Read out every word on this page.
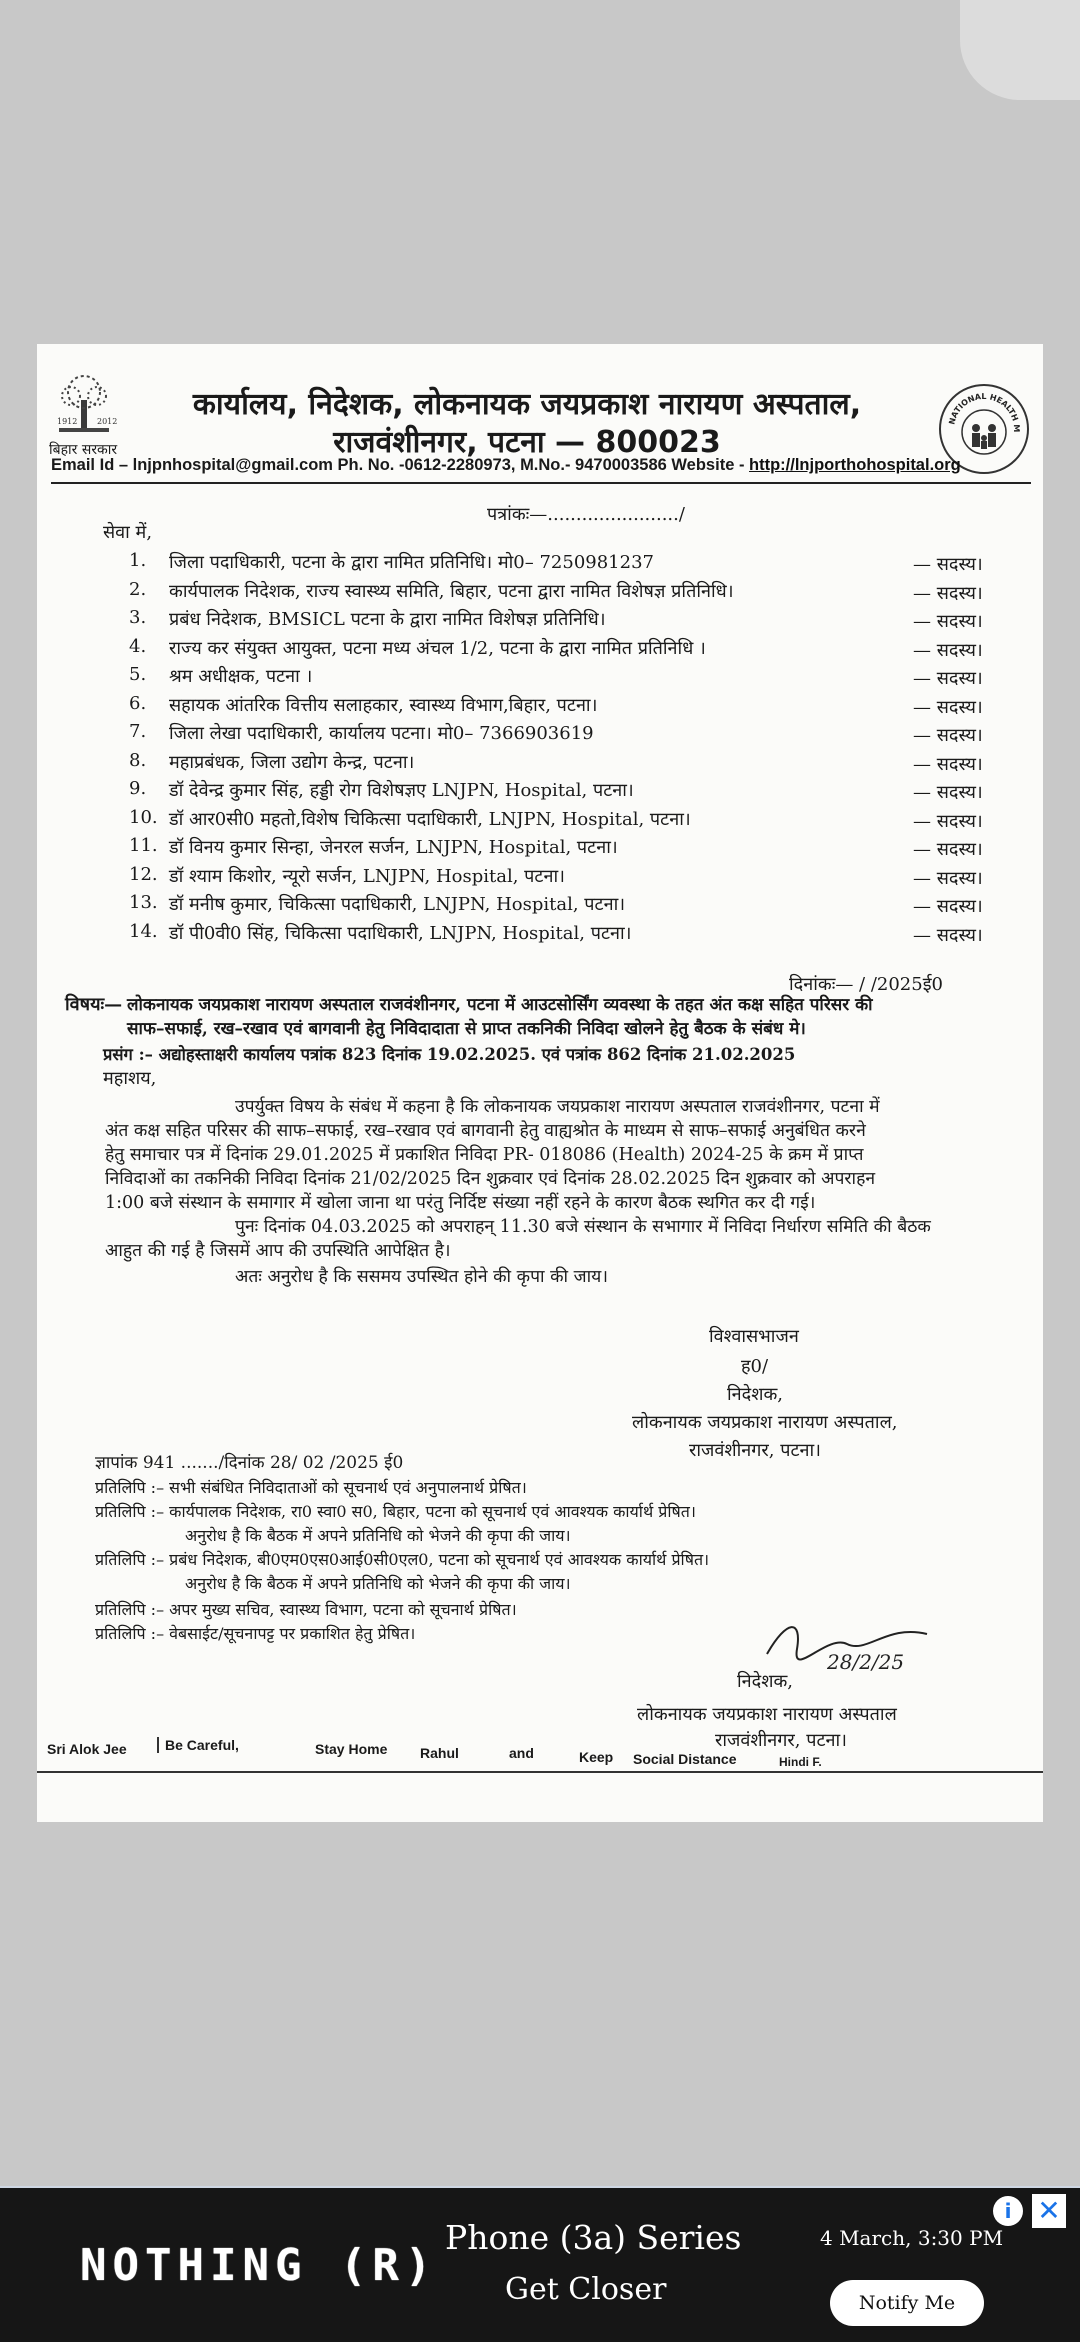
1912 2012
बिहार सरकार
NATIONAL HEALTH M
कार्यालय, निदेशक, लोकनायक जयप्रकाश नारायण अस्पताल,
राजवंशीनगर, पटना — 800023
Email Id – lnjpnhospital@gmail.com Ph. No. -0612-2280973, M.No.- 9470003586 Website - http://lnjporthohospital.org
पत्रांकः—......................./
सेवा में,
1. जिला पदाधिकारी, पटना के द्वारा नामित प्रतिनिधि। मो0– 7250981237	— सदस्य।
2. कार्यपालक निदेशक, राज्य स्वास्थ्य समिति, बिहार, पटना द्वारा नामित विशेषज्ञ प्रतिनिधि।	— सदस्य।
3. प्रबंध निदेशक, BMSICL पटना के द्वारा नामित विशेषज्ञ प्रतिनिधि।	— सदस्य।
4. राज्य कर संयुक्त आयुक्त, पटना मध्य अंचल 1/2, पटना के द्वारा नामित प्रतिनिधि ।	— सदस्य।
5. श्रम अधीक्षक, पटना ।	— सदस्य।
6. सहायक आंतरिक वित्तीय सलाहकार, स्वास्थ्य विभाग,बिहार, पटना।	— सदस्य।
7. जिला लेखा पदाधिकारी, कार्यालय पटना। मो0– 7366903619	— सदस्य।
8. महाप्रबंधक, जिला उद्योग केन्द्र, पटना।	— सदस्य।
9. डॉ देवेन्द्र कुमार सिंह, हड्डी रोग विशेषज्ञए LNJPN, Hospital, पटना।	— सदस्य।
10. डॉ आर0सी0 महतो,विशेष चिकित्सा पदाधिकारी, LNJPN, Hospital, पटना।	— सदस्य।
11. डॉ विनय कुमार सिन्हा, जेनरल सर्जन, LNJPN, Hospital, पटना।	— सदस्य।
12. डॉ श्याम किशोर, न्यूरो सर्जन, LNJPN, Hospital, पटना।	— सदस्य।
13. डॉ मनीष कुमार, चिकित्सा पदाधिकारी, LNJPN, Hospital, पटना।	— सदस्य।
14. डॉ पी0वी0 सिंह, चिकित्सा पदाधिकारी, LNJPN, Hospital, पटना।	— सदस्य।
दिनांकः— / /2025ई0
विषयः— लोकनायक जयप्रकाश नारायण अस्पताल राजवंशीनगर, पटना में आउटसोर्सिंग व्यवस्था के तहत अंत कक्ष सहित परिसर की
साफ–सफाई, रख–रखाव एवं बागवानी हेतु निविदादाता से प्राप्त तकनिकी निविदा खोलने हेतु बैठक के संबंध मे।
प्रसंग :– अद्योहस्ताक्षरी कार्यालय पत्रांक 823 दिनांक 19.02.2025. एवं पत्रांक 862 दिनांक 21.02.2025
महाशय,
उपर्युक्त विषय के संबंध में कहना है कि लोकनायक जयप्रकाश नारायण अस्पताल राजवंशीनगर, पटना में
अंत कक्ष सहित परिसर की साफ–सफाई, रख–रखाव एवं बागवानी हेतु वाह्यश्रोत के माध्यम से साफ–सफाई अनुबंधित करने
हेतु समाचार पत्र में दिनांक 29.01.2025 में प्रकाशित निविदा PR- 018086 (Health) 2024-25 के क्रम में प्राप्त
निविदाओं का तकनिकी निविदा दिनांक 21/02/2025 दिन शुक्रवार एवं दिनांक 28.02.2025 दिन शुक्रवार को अपराहन
1:00 बजे संस्थान के समागार में खोला जाना था परंतु निर्दिष्ट संख्या नहीं रहने के कारण बैठक स्थगित कर दी गई।
पुनः दिनांक 04.03.2025 को अपराहन् 11.30 बजे संस्थान के सभागार में निविदा निर्धारण समिति की बैठक
आहुत की गई है जिसमें आप की उपस्थिति आपेक्षित है।
अतः अनुरोध है कि ससमय उपस्थित होने की कृपा की जाय।
विश्वासभाजन
ह0/
निदेशक,
लोकनायक जयप्रकाश नारायण अस्पताल,
राजवंशीनगर, पटना।
ज्ञापांक 941 ......./दिनांक 28/ 02 /2025 ई0
प्रतिलिपि :– सभी संबंधित निविदाताओं को सूचनार्थ एवं अनुपालनार्थ प्रेषित।
प्रतिलिपि :– कार्यपालक निदेशक, रा0 स्वा0 स0, बिहार, पटना को सूचनार्थ एवं आवश्यक कार्यार्थ प्रेषित।
अनुरोध है कि बैठक में अपने प्रतिनिधि को भेजने की कृपा की जाय।
प्रतिलिपि :– प्रबंध निदेशक, बी0एम0एस0आई0सी0एल0, पटना को सूचनार्थ एवं आवश्यक कार्यार्थ प्रेषित।
अनुरोध है कि बैठक में अपने प्रतिनिधि को भेजने की कृपा की जाय।
प्रतिलिपि :– अपर मुख्य सचिव, स्वास्थ्य विभाग, पटना को सूचनार्थ प्रेषित।
प्रतिलिपि :– वेबसाईट/सूचनापट्ट पर प्रकाशित हेतु प्रेषित।
28/2/25
निदेशक,
लोकनायक जयप्रकाश नारायण अस्पताल
राजवंशीनगर, पटना।
Sri Alok Jee	Be Careful,	Stay Home Rahul	and	Keep Social Distance	Hindi F.
NOTHING (R)
Phone (3a) Series
Get Closer
4 March, 3:30 PM
Notify Me
i ✕
